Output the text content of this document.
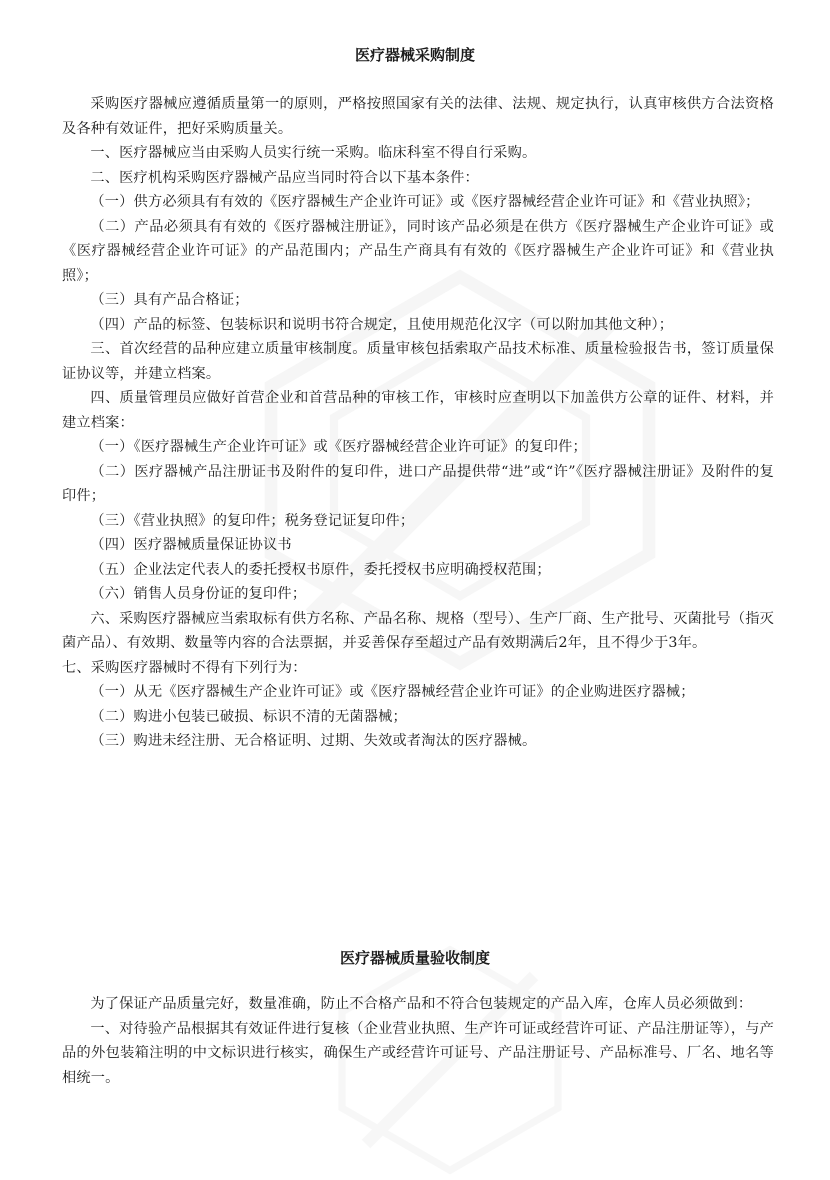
医疗器械采购制度

采购医疗器械应遵循质量第一的原则，严格按照国家有关的法律、法规、规定执行，认真审核供方合法资格及各种有效证件，把好采购质量关。

一、医疗器械应当由采购人员实行统一采购。临床科室不得自行采购。

二、医疗机构采购医疗器械产品应当同时符合以下基本条件：

（一）供方必须具有有效的《医疗器械生产企业许可证》或《医疗器械经营企业许可证》和《营业执照》；

（二）产品必须具有有效的《医疗器械注册证》，同时该产品必须是在供方《医疗器械生产企业许可证》或《医疗器械经营企业许可证》的产品范围内；产品生产商具有有效的《医疗器械生产企业许可证》和《营业执照》；

（三）具有产品合格证；

（四）产品的标签、包装标识和说明书符合规定，且使用规范化汉字（可以附加其他文种）；

三、首次经营的品种应建立质量审核制度。质量审核包括索取产品技术标准、质量检验报告书，签订质量保证协议等，并建立档案。

四、质量管理员应做好首营企业和首营品种的审核工作，审核时应查明以下加盖供方公章的证件、材料，并建立档案：

（一）《医疗器械生产企业许可证》或《医疗器械经营企业许可证》的复印件；

（二）医疗器械产品注册证书及附件的复印件，进口产品提供带“进”或“许”《医疗器械注册证》及附件的复印件；

（三）《营业执照》的复印件；税务登记证复印件；

（四）医疗器械质量保证协议书

（五）企业法定代表人的委托授权书原件，委托授权书应明确授权范围；

（六）销售人员身份证的复印件；

六、采购医疗器械应当索取标有供方名称、产品名称、规格（型号）、生产厂商、生产批号、灭菌批号（指灭菌产品）、有效期、数量等内容的合法票据，并妥善保存至超过产品有效期满后2年，且不得少于3年。

七、采购医疗器械时不得有下列行为：

（一）从无《医疗器械生产企业许可证》或《医疗器械经营企业许可证》的企业购进医疗器械；

（二）购进小包装已破损、标识不清的无菌器械；

（三）购进未经注册、无合格证明、过期、失效或者淘汰的医疗器械。

医疗器械质量验收制度

为了保证产品质量完好，数量准确，防止不合格产品和不符合包装规定的产品入库，仓库人员必须做到：

一、对待验产品根据其有效证件进行复核（企业营业执照、生产许可证或经营许可证、产品注册证等），与产品的外包装箱注明的中文标识进行核实，确保生产或经营许可证号、产品注册证号、产品标准号、厂名、地名等相统一。
